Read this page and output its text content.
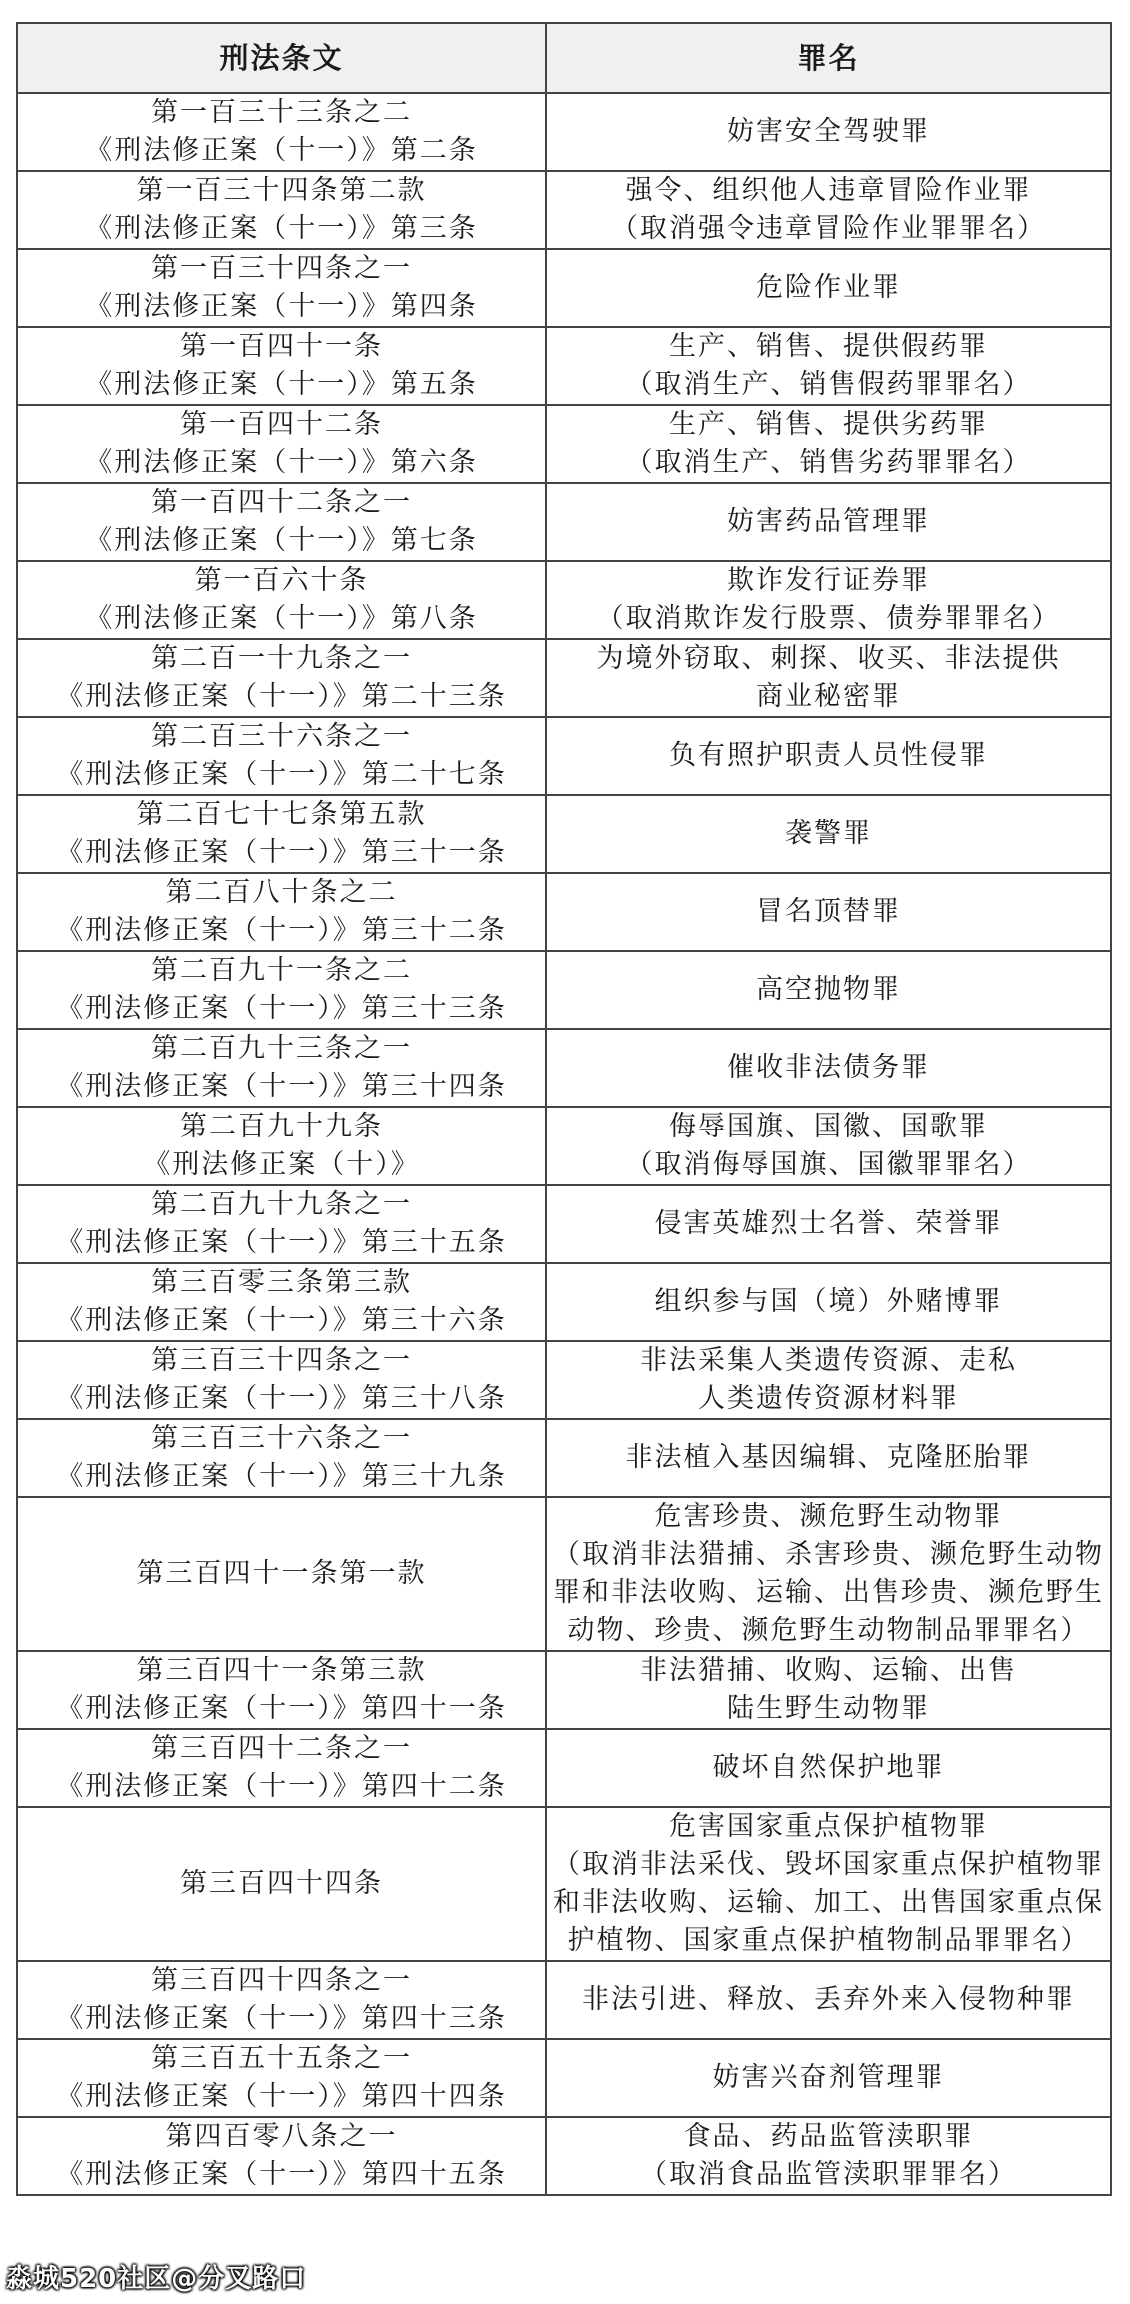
刑法条文	罪名

第一百三十三条之二
《刑法修正案（十一）》第二条	妨害安全驾驶罪

第一百三十四条第二款
《刑法修正案（十一）》第三条	强令、组织他人违章冒险作业罪
（取消强令违章冒险作业罪罪名）

第一百三十四条之一
《刑法修正案（十一）》第四条	危险作业罪

第一百四十一条
《刑法修正案（十一）》第五条	生产、销售、提供假药罪
（取消生产、销售假药罪罪名）

第一百四十二条
《刑法修正案（十一）》第六条	生产、销售、提供劣药罪
（取消生产、销售劣药罪罪名）

第一百四十二条之一
《刑法修正案（十一）》第七条	妨害药品管理罪

第一百六十条
《刑法修正案（十一）》第八条	欺诈发行证券罪
（取消欺诈发行股票、债券罪罪名）

第二百一十九条之一
《刑法修正案（十一）》第二十三条	为境外窃取、刺探、收买、非法提供
商业秘密罪

第二百三十六条之一
《刑法修正案（十一）》第二十七条	负有照护职责人员性侵罪

第二百七十七条第五款
《刑法修正案（十一）》第三十一条	袭警罪

第二百八十条之二
《刑法修正案（十一）》第三十二条	冒名顶替罪

第二百九十一条之二
《刑法修正案（十一）》第三十三条	高空抛物罪

第二百九十三条之一
《刑法修正案（十一）》第三十四条	催收非法债务罪

第二百九十九条
《刑法修正案（十）》	侮辱国旗、国徽、国歌罪
（取消侮辱国旗、国徽罪罪名）

第二百九十九条之一
《刑法修正案（十一）》第三十五条	侵害英雄烈士名誉、荣誉罪

第三百零三条第三款
《刑法修正案（十一）》第三十六条	组织参与国（境）外赌博罪

第三百三十四条之一
《刑法修正案（十一）》第三十八条	非法采集人类遗传资源、走私
人类遗传资源材料罪

第三百三十六条之一
《刑法修正案（十一）》第三十九条	非法植入基因编辑、克隆胚胎罪

第三百四十一条第一款	危害珍贵、濒危野生动物罪
（取消非法猎捕、杀害珍贵、濒危野生动物
罪和非法收购、运输、出售珍贵、濒危野生
动物、珍贵、濒危野生动物制品罪罪名）

第三百四十一条第三款
《刑法修正案（十一）》第四十一条	非法猎捕、收购、运输、出售
陆生野生动物罪

第三百四十二条之一
《刑法修正案（十一）》第四十二条	破坏自然保护地罪

第三百四十四条	危害国家重点保护植物罪
（取消非法采伐、毁坏国家重点保护植物罪
和非法收购、运输、加工、出售国家重点保
护植物、国家重点保护植物制品罪罪名）

第三百四十四条之一
《刑法修正案（十一）》第四十三条	非法引进、释放、丢弃外来入侵物种罪

第三百五十五条之一
《刑法修正案（十一）》第四十四条	妨害兴奋剂管理罪

第四百零八条之一
《刑法修正案（十一）》第四十五条	食品、药品监管渎职罪
（取消食品监管渎职罪罪名）
淼城520社区@分叉路口
